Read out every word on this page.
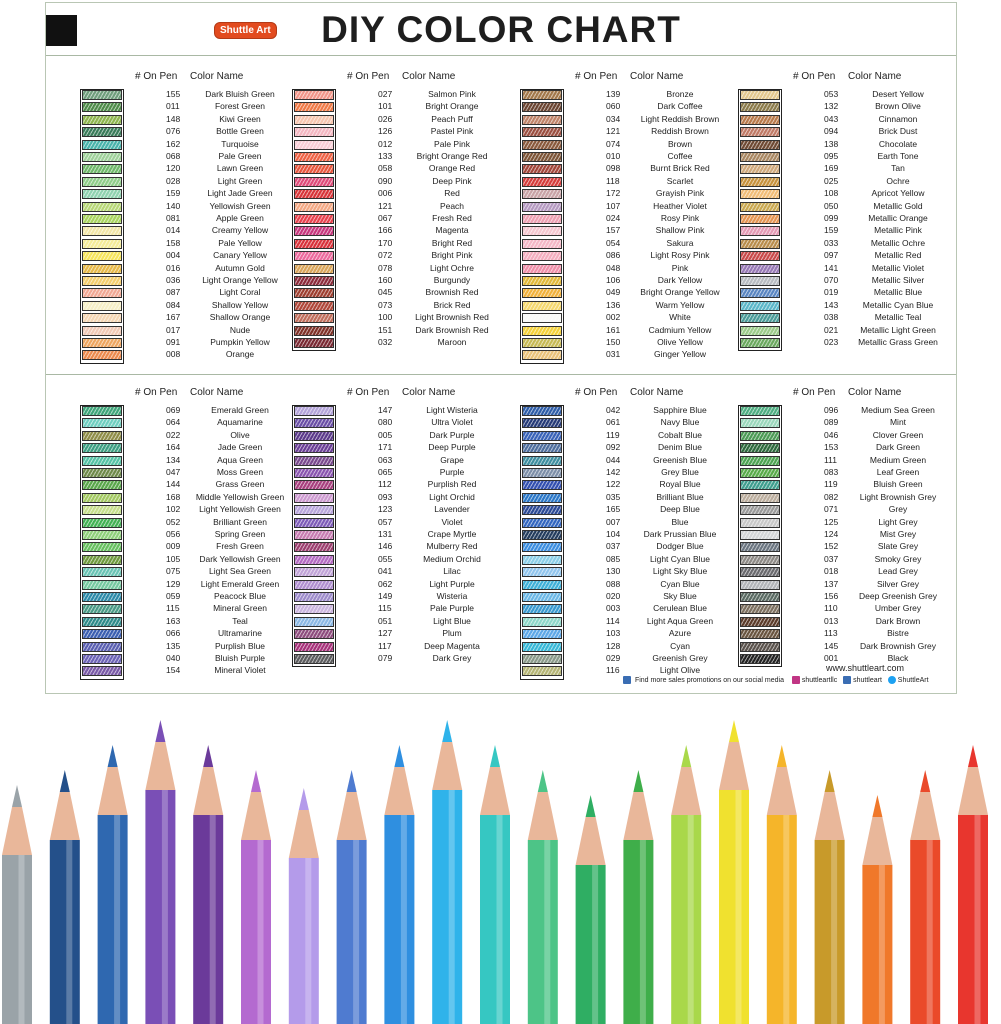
DIY COLOR CHART
Shuttle Art
# On Pen Color Name
155	Dark Bluish Green
011	Forest Green
148	Kiwi Green
076	Bottle Green
162	Turquoise
068	Pale Green
120	Lawn Green
028	Light Green
159	Light Jade Green
140	Yellowish Green
081	Apple Green
014	Creamy Yellow
158	Pale Yellow
004	Canary Yellow
016	Autumn Gold
036	Light Orange Yellow
087	Light Coral
084	Shallow Yellow
167	Shallow Orange
017	Nude
091	Pumpkin Yellow
008	Orange
# On Pen Color Name
027	Salmon Pink
101	Bright Orange
026	Peach Puff
126	Pastel Pink
012	Pale Pink
133	Bright Orange Red
058	Orange Red
090	Deep Pink
006	Red
121	Peach
067	Fresh Red
166	Magenta
170	Bright Red
072	Bright Pink
078	Light Ochre
160	Burgundy
045	Brownish Red
073	Brick Red
100	Light Brownish Red
151	Dark Brownish Red
032	Maroon
# On Pen Color Name
139	Bronze
060	Dark Coffee
034	Light Reddish Brown
121	Reddish Brown
074	Brown
010	Coffee
098	Burnt Brick Red
118	Scarlet
172	Grayish Pink
107	Heather Violet
024	Rosy Pink
157	Shallow Pink
054	Sakura
086	Light Rosy Pink
048	Pink
106	Dark Yellow
049	Bright Orange Yellow
136	Warm Yellow
002	White
161	Cadmium Yellow
150	Olive Yellow
031	Ginger Yellow
# On Pen Color Name
053	Desert Yellow
132	Brown Olive
043	Cinnamon
094	Brick Dust
138	Chocolate
095	Earth Tone
169	Tan
025	Ochre
108	Apricot Yellow
050	Metallic Gold
099	Metallic Orange
159	Metallic Pink
033	Metallic Ochre
097	Metallic Red
141	Metallic Violet
070	Metallic Silver
019	Metallic Blue
143	Metallic Cyan Blue
038	Metallic Teal
021	Metallic Light Green
023	Metallic Grass Green
# On Pen Color Name
069	Emerald Green
064	Aquamarine
022	Olive
164	Jade Green
134	Aqua Green
047	Moss Green
144	Grass Green
168	Middle Yellowish Green
102	Light Yellowish Green
052	Brilliant Green
056	Spring Green
009	Fresh Green
105	Dark Yellowish Green
075	Light Sea Green
129	Light Emerald Green
059	Peacock Blue
115	Mineral Green
163	Teal
066	Ultramarine
135	Purplish Blue
040	Bluish Purple
154	Mineral Violet
# On Pen Color Name
147	Light Wisteria
080	Ultra Violet
005	Dark Purple
171	Deep Purple
063	Grape
065	Purple
112	Purplish Red
093	Light Orchid
123	Lavender
057	Violet
131	Crape Myrtle
146	Mulberry Red
055	Medium Orchid
041	Lilac
062	Light Purple
149	Wisteria
115	Pale Purple
051	Light Blue
127	Plum
117	Deep Magenta
079	Dark Grey
# On Pen Color Name
042	Sapphire Blue
061	Navy Blue
119	Cobalt Blue
092	Denim Blue
044	Greenish Blue
142	Grey Blue
122	Royal Blue
035	Brilliant Blue
165	Deep Blue
007	Blue
104	Dark Prussian Blue
037	Dodger Blue
085	Light Cyan Blue
130	Light Sky Blue
088	Cyan Blue
020	Sky Blue
003	Cerulean Blue
114	Light Aqua Green
103	Azure
128	Cyan
029	Greenish Grey
116	Light Olive
# On Pen Color Name
096	Medium Sea Green
089	Mint
046	Clover Green
153	Dark Green
111	Medium Green
083	Leaf Green
119	Bluish Green
082	Light Brownish Grey
071	Grey
125	Light Grey
124	Mist Grey
152	Slate Grey
037	Smoky Grey
018	Lead Grey
137	Silver Grey
156	Deep Greenish Grey
110	Umber Grey
013	Dark Brown
113	Bistre
145	Dark Brownish Grey
001	Black
www.shuttleart.com
Find more sales promotions on our social media	shuttleartllc shuttleart ShuttleArt
